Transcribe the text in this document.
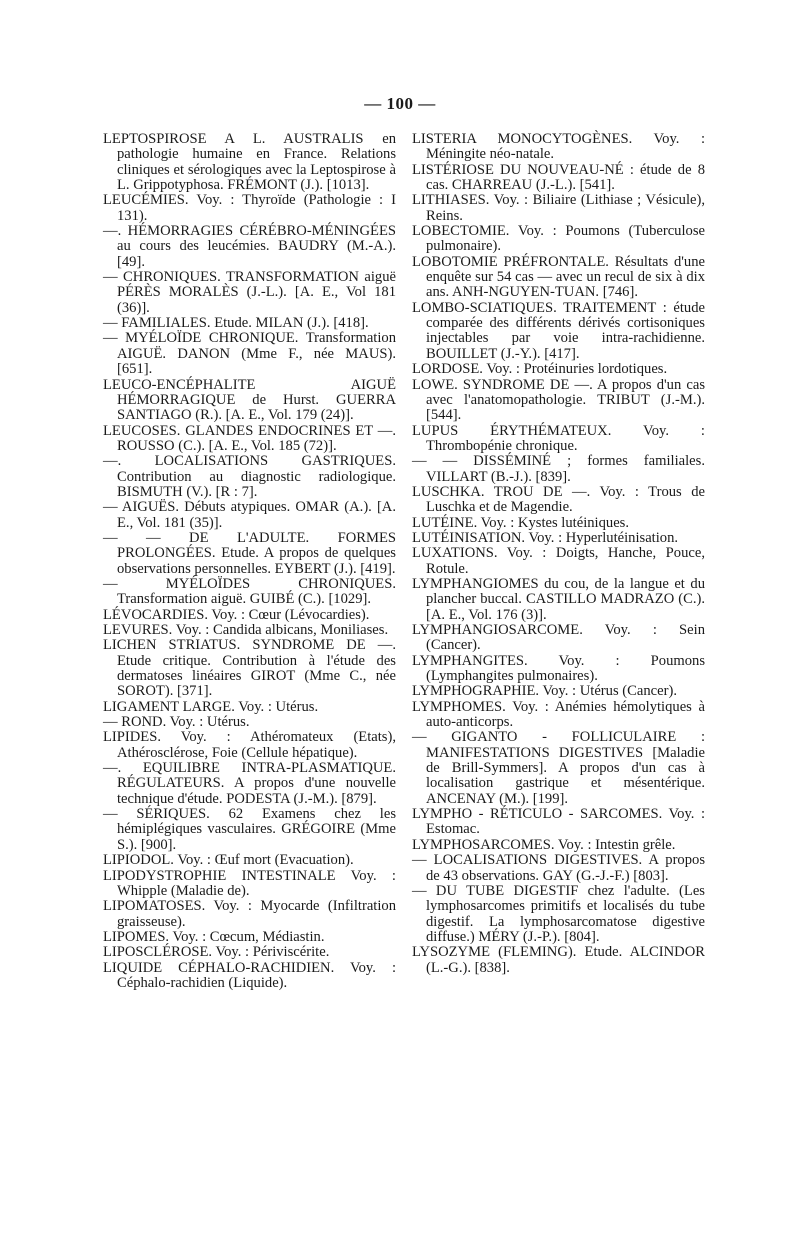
— 100 —

LEPTOSPIROSE A L. AUSTRALIS en pathologie humaine en France. Relations cliniques et sérologiques avec la Leptospirose à L. Grippotyphosa. FRÉMONT (J.). [1013].

LEUCÉMIES. Voy. : Thyroïde (Pathologie : I 131).

—. HÉMORRAGIES CÉRÉBRO-MÉNINGÉES au cours des leucémies. BAUDRY (M.-A.). [49].

— CHRONIQUES. TRANSFORMATION aiguë PÉRÈS MORALÈS (J.-L.). [A. E., Vol 181 (36)].

— FAMILIALES. Etude. MILAN (J.). [418].

— MYÉLOÏDE CHRONIQUE. Transformation AIGUË. DANON (Mme F., née MAUS). [651].

LEUCO-ENCÉPHALITE AIGUË HÉMORRAGIQUE de Hurst. GUERRA SANTIAGO (R.). [A. E., Vol. 179 (24)].

LEUCOSES. GLANDES ENDOCRINES ET —. ROUSSO (C.). [A. E., Vol. 185 (72)].

—. LOCALISATIONS GASTRIQUES. Contribution au diagnostic radiologique. BISMUTH (V.). [R : 7].

— AIGUËS. Débuts atypiques. OMAR (A.). [A. E., Vol. 181 (35)].

— — DE L'ADULTE. FORMES PROLONGÉES. Etude. A propos de quelques observations personnelles. EYBERT (J.). [419].

— MYÉLOÏDES CHRONIQUES. Transformation aiguë. GUIBÉ (C.). [1029].

LÉVOCARDIES. Voy. : Cœur (Lévocardies).

LEVURES. Voy. : Candida albicans, Moniliases.

LICHEN STRIATUS. SYNDROME DE —. Etude critique. Contribution à l'étude des dermatoses linéaires GIROT (Mme C., née SOROT). [371].

LIGAMENT LARGE. Voy. : Utérus.

— ROND. Voy. : Utérus.

LIPIDES. Voy. : Athéromateux (Etats), Athérosclérose, Foie (Cellule hépatique).

—. EQUILIBRE INTRA-PLASMATIQUE. RÉGULATEURS. A propos d'une nouvelle technique d'étude. PODESTA (J.-M.). [879].

— SÉRIQUES. 62 Examens chez les hémiplégiques vasculaires. GRÉGOIRE (Mme S.). [900].

LIPIODOL. Voy. : Œuf mort (Evacuation).

LIPODYSTROPHIE INTESTINALE Voy. : Whipple (Maladie de).

LIPOMATOSES. Voy. : Myocarde (Infiltration graisseuse).

LIPOMES. Voy. : Cœcum, Médiastin.

LIPOSCLÉROSE. Voy. : Périviscérite.

LIQUIDE CÉPHALO-RACHIDIEN. Voy. : Céphalo-rachidien (Liquide).

LISTERIA MONOCYTOGÈNES. Voy. : Méningite néo-natale.

LISTÉRIOSE DU NOUVEAU-NÉ : étude de 8 cas. CHARREAU (J.-L.). [541].

LITHIASES. Voy. : Biliaire (Lithiase ; Vésicule), Reins.

LOBECTOMIE. Voy. : Poumons (Tuberculose pulmonaire).

LOBOTOMIE PRÉFRONTALE. Résultats d'une enquête sur 54 cas — avec un recul de six à dix ans. ANH-NGUYEN-TUAN. [746].

LOMBO-SCIATIQUES. TRAITEMENT : étude comparée des différents dérivés cortisoniques injectables par voie intra-rachidienne. BOUILLET (J.-Y.). [417].

LORDOSE. Voy. : Protéinuries lordotiques.

LOWE. SYNDROME DE —. A propos d'un cas avec l'anatomopathologie. TRIBUT (J.-M.). [544].

LUPUS ÉRYTHÉMATEUX. Voy. : Thrombopénie chronique.

— — DISSÉMINÉ ; formes familiales. VILLART (B.-J.). [839].

LUSCHKA. TROU DE —. Voy. : Trous de Luschka et de Magendie.

LUTÉINE. Voy. : Kystes lutéiniques.

LUTÉINISATION. Voy. : Hyperlutéinisation.

LUXATIONS. Voy. : Doigts, Hanche, Pouce, Rotule.

LYMPHANGIOMES du cou, de la langue et du plancher buccal. CASTILLO MADRAZO (C.). [A. E., Vol. 176 (3)].

LYMPHANGIOSARCOME. Voy. : Sein (Cancer).

LYMPHANGITES. Voy. : Poumons (Lymphangites pulmonaires).

LYMPHOGRAPHIE. Voy. : Utérus (Cancer).

LYMPHOMES. Voy. : Anémies hémolytiques à auto-anticorps.

— GIGANTO - FOLLICULAIRE : MANIFESTATIONS DIGESTIVES [Maladie de Brill-Symmers]. A propos d'un cas à localisation gastrique et mésentérique. ANCENAY (M.). [199].

LYMPHO - RÉTICULO - SARCOMES. Voy. : Estomac.

LYMPHOSARCOMES. Voy. : Intestin grêle.

— LOCALISATIONS DIGESTIVES. A propos de 43 observations. GAY (G.-J.-F.) [803].

— DU TUBE DIGESTIF chez l'adulte. (Les lymphosarcomes primitifs et localisés du tube digestif. La lymphosarcomatose digestive diffuse.) MÉRY (J.-P.). [804].

LYSOZYME (FLEMING). Etude. ALCINDOR (L.-G.). [838].
